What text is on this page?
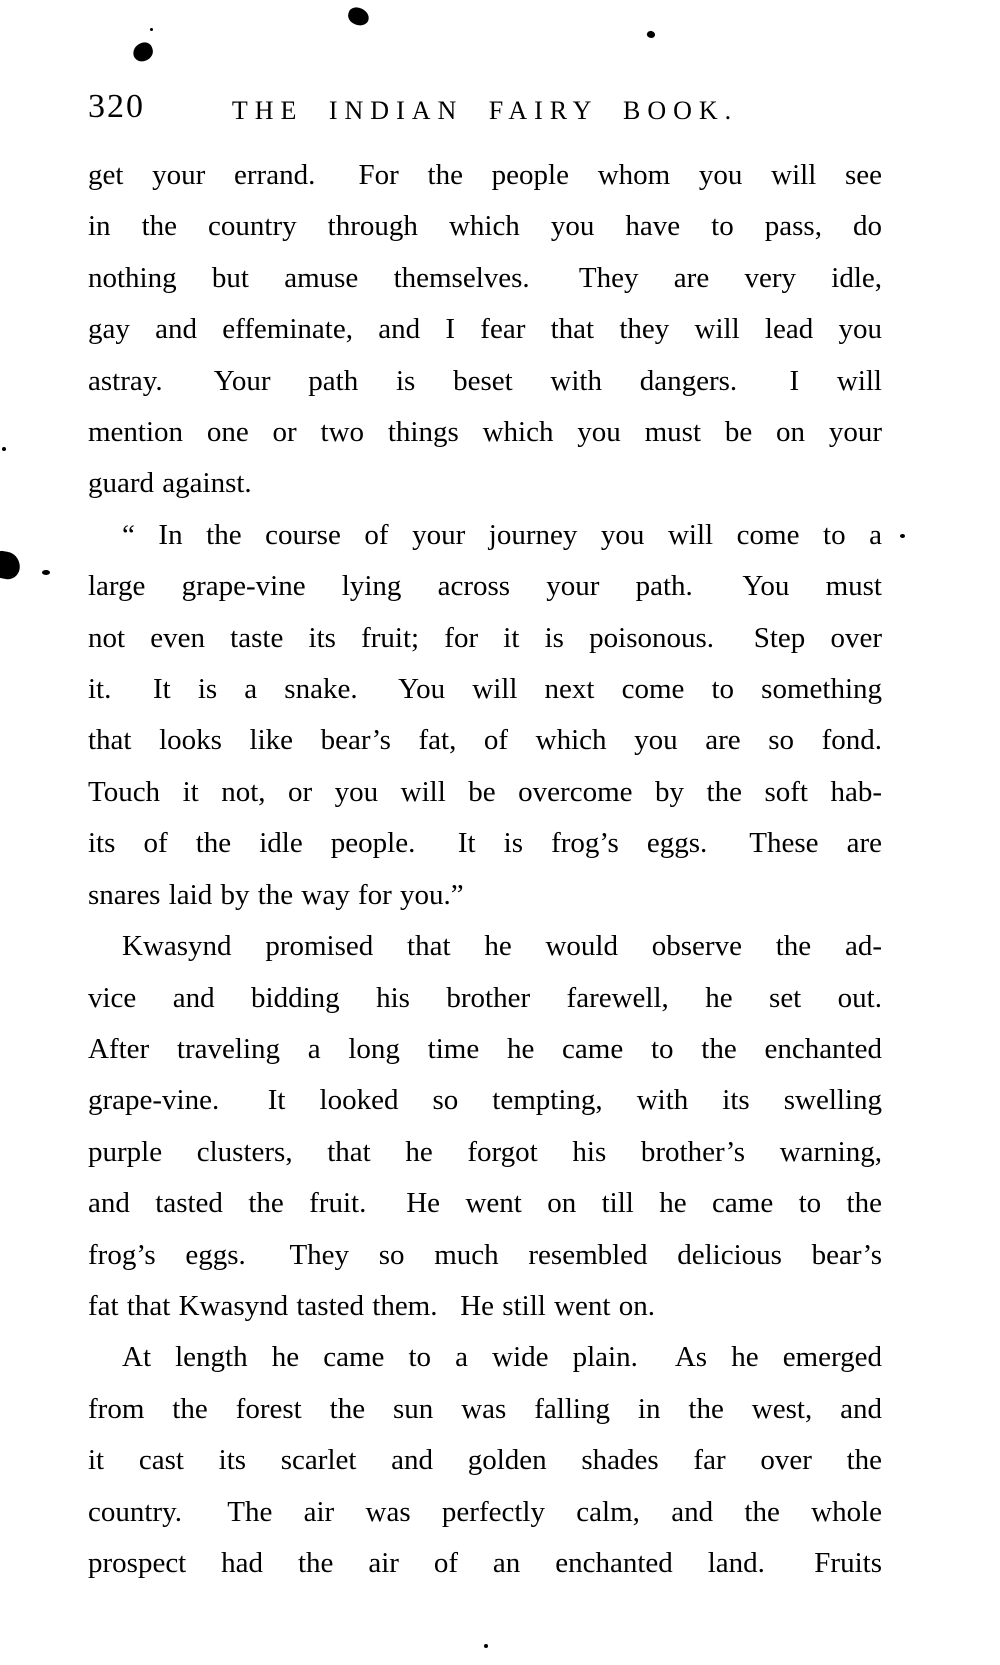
320	THE INDIAN FAIRY BOOK.
get your errand.  For the people whom you will see
in the country through which you have to pass, do
nothing but amuse themselves.  They are very idle,
gay and effeminate, and I fear that they will lead you
astray.  Your path is beset with dangers.  I will
mention one or two things which you must be on your
guard against.
“ In the course of your journey you will come to a
large grape-vine lying across your path.  You must
not even taste its fruit; for it is poisonous.  Step over
it.  It is a snake.  You will next come to something
that looks like bear’s fat, of which you are so fond.
Touch it not, or you will be overcome by the soft hab-
its of the idle people.  It is frog’s eggs.  These are
snares laid by the way for you.”
Kwasynd promised that he would observe the ad-
vice and bidding his brother farewell, he set out.
After traveling a long time he came to the enchanted
grape-vine.  It looked so tempting, with its swelling
purple clusters, that he forgot his brother’s warning,
and tasted the fruit.  He went on till he came to the
frog’s eggs.  They so much resembled delicious bear’s
fat that Kwasynd tasted them.  He still went on.
At length he came to a wide plain.  As he emerged
from the forest the sun was falling in the west, and
it cast its scarlet and golden shades far over the
country.  The air was perfectly calm, and the whole
prospect had the air of an enchanted land.  Fruits
